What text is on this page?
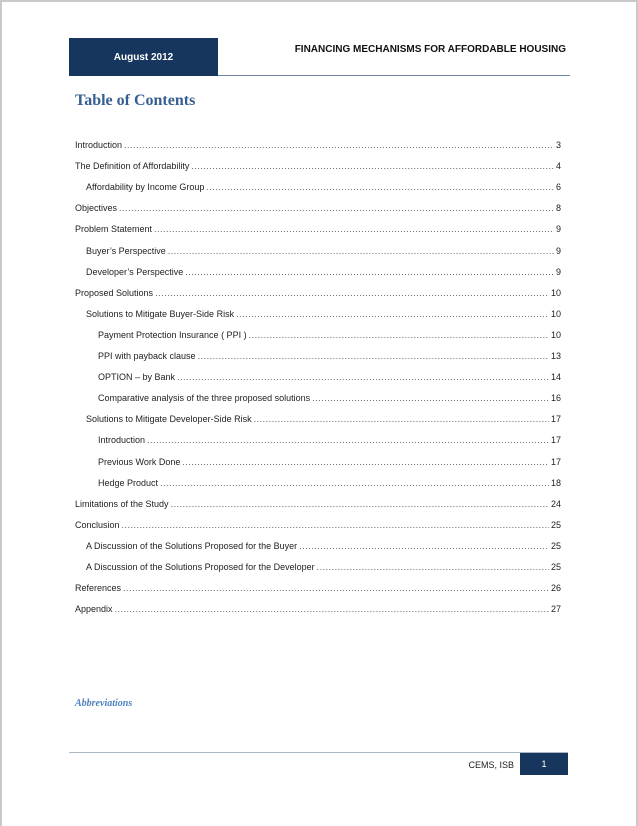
August 2012
FINANCING MECHANISMS FOR AFFORDABLE HOUSING
Table of Contents
Introduction .....	3
The Definition of Affordability .....	4
Affordability by Income Group .....	6
Objectives .....	8
Problem Statement .....	9
Buyer’s Perspective .....	9
Developer’s Perspective .....	9
Proposed Solutions .....	10
Solutions to Mitigate Buyer-Side Risk .....	10
Payment Protection Insurance ( PPI ) .....	10
PPI with payback clause .....	13
OPTION – by Bank .....	14
Comparative analysis of the three proposed solutions .....	16
Solutions to Mitigate Developer-Side Risk .....	17
Introduction .....	17
Previous Work Done .....	17
Hedge Product .....	18
Limitations of the Study .....	24
Conclusion .....	25
A Discussion of the Solutions Proposed for the Buyer .....	25
A Discussion of the Solutions Proposed for the Developer .....	25
References .....	26
Appendix .....	27
Abbreviations
CEMS, ISB	1
